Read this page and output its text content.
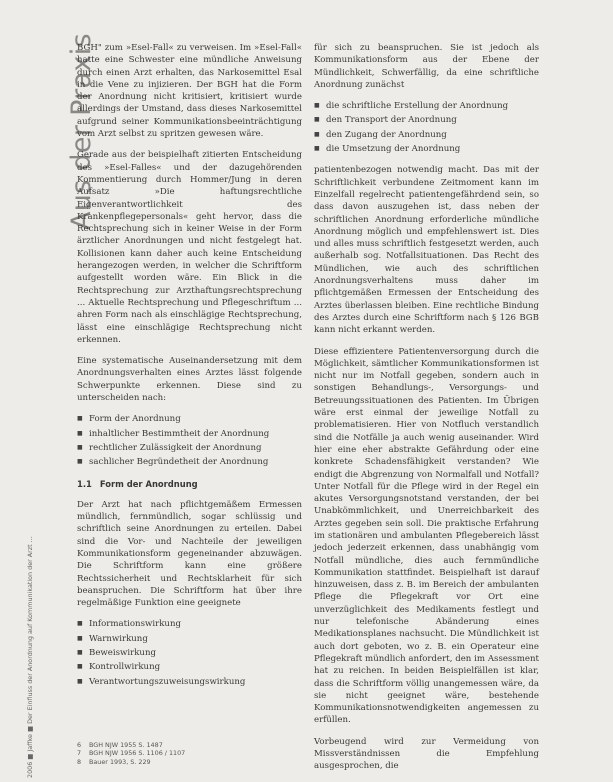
Aus der Praxis
2006 ■ Jaffke ■ Der Einfluss der Anordnung auf Kommunikation der Arzt ...

BGH" zum »Esel-Fall« zu verweisen. Im »Esel-Fall« hatte eine Schwester eine mündliche Anweisung durch einen Arzt erhalten, das Narkosemittel Esal in die Vene zu injizieren. Der BGH hat die Form der Anordnung nicht kritisiert, kritisiert wurde allerdings der Umstand, dass dieses Narkosemittel aufgrund seiner Kommunikationsbeeinträchtigung vom Arzt selbst zu spritzen gewesen wäre.

Gerade aus der beispielhaft zitierten Entscheidung des »Esel-Falles« und der dazugehörenden Kommentierung durch Hommer/Jung in deren Aufsatz »Die haftungsrechtliche Eigenverantwortlichkeit des Krankenpflegepersonals« geht hervor, dass die Rechtsprechung sich in keiner Weise in der Form ärztlicher Anordnungen und nicht festgelegt hat. Kollisionen kann daher auch keine Entscheidung herangezogen werden, in welcher die Schriftform aufgestellt worden wäre. Ein Blick in die Rechtsprechung zur Arzthaftungsrechtsprechung ... Aktuelle Rechtsprechung und Pflegeschriftum ... ahren Form nach als einschlägige Rechtsprechung, lässt eine einschlägige Rechtsprechung nicht erkennen.

Eine systematische Auseinandersetzung mit dem Anordnungsverhalten eines Arztes lässt folgende Schwerpunkte erkennen. Diese sind zu unterscheiden nach:

■ Form der Anordnung
■ inhaltlicher Bestimmtheit der Anordnung
■ rechtlicher Zulässigkeit der Anordnung
■ sachlicher Begründetheit der Anordnung
1.1 Form der Anordnung

Der Arzt hat nach pflichtgemäßem Ermessen mündlich, fernmündlich, sogar schlüssig und schriftlich seine Anordnungen zu erteilen. Dabei sind die Vor- und Nachteile der jeweiligen Kommunikationsform gegeneinander abzuwägen. Die Schriftform kann eine größere Rechtssicherheit und Rechtsklarheit für sich beanspruchen. Die Schriftform hat über ihre regelmäßige Funktion eine geeignete

■ Informationswirkung
■ Warnwirkung
■ Beweiswirkung
■ Kontrollwirkung
■ Verantwortungszuweisungswirkung

für sich zu beanspruchen. Sie ist jedoch als Kommunikationsform aus der Ebene der Mündlichkeit, Schwerfällig, da eine schriftliche Anordnung zunächst

■ die schriftliche Erstellung der Anordnung
■ den Transport der Anordnung
■ den Zugang der Anordnung
■ die Umsetzung der Anordnung

patientenbezogen notwendig macht. Das mit der Schriftlichkeit verbundene Zeitmoment kann im Einzelfall regelrecht patientengefährdend sein, so dass davon auszugehen ist, dass neben der schriftlichen Anordnung erforderliche mündliche Anordnung möglich und empfehlenswert ist. Dies und alles muss schriftlich festgesetzt werden, auch außerhalb sog. Notfallsituationen. Das Recht des Mündlichen, wie auch des schriftlichen Anordnungsverhaltens muss daher im pflichtgemäßen Ermessen der Entscheidung des Arztes überlassen bleiben. Eine rechtliche Bindung des Arztes durch eine Schriftform nach § 126 BGB kann nicht erkannt werden.

Diese effizientere Patientenversorgung durch die Möglichkeit, sämtlicher Kommunikationsformen ist nicht nur im Notfall gegeben, sondern auch in sonstigen Behandlungs-, Versorgungs- und Betreuungssituationen des Patienten. Im Übrigen wäre erst einmal der jeweilige Notfall zu problematisieren. Hier von Notfluch verstandlich sind die Notfälle ja auch wenig auseinander. Wird hier eine eher abstrakte Gefährdung oder eine konkrete Schadensfähigkeit verstanden? Wie endigt die Abgrenzung von Normalfall und Notfall? Unter Notfall für die Pflege wird in der Regel ein akutes Versorgungsnotstand verstanden, der bei Unabkömmlichkeit, und Unerreichbarkeit des Arztes gegeben sein soll. Die praktische Erfahrung im stationären und ambulanten Pflegebereich lässt jedoch jederzeit erkennen, dass unabhängig vom Notfall mündliche, dies auch fernmündliche Kommunikation stattfindet. Beispielhaft ist darauf hinzuweisen, dass z. B. im Bereich der ambulanten Pflege die Pflegekraft vor Ort eine unverzüglichkeit des Medikaments festlegt und nur telefonische Abänderung eines Medikationsplanes nachsucht. Die Mündlichkeit ist auch dort geboten, wo z. B. ein Operateur eine Pflegekraft mündlich anfordert, den im Assessment hat zu reichen. In beiden Beispielfällen ist klar, dass die Schriftform völlig unangemessen wäre, da sie nicht geeignet wäre, bestehende Kommunikationsnotwendigkeiten angemessen zu erfüllen.

Vorbeugend wird zur Vermeidung von Missverständnissen die Empfehlung ausgesprochen, die

6	BGH NJW 1955 S. 1487
7	BGH NJW 1956 S. 1106 / 1107
8	Bauer 1993, S. 229
